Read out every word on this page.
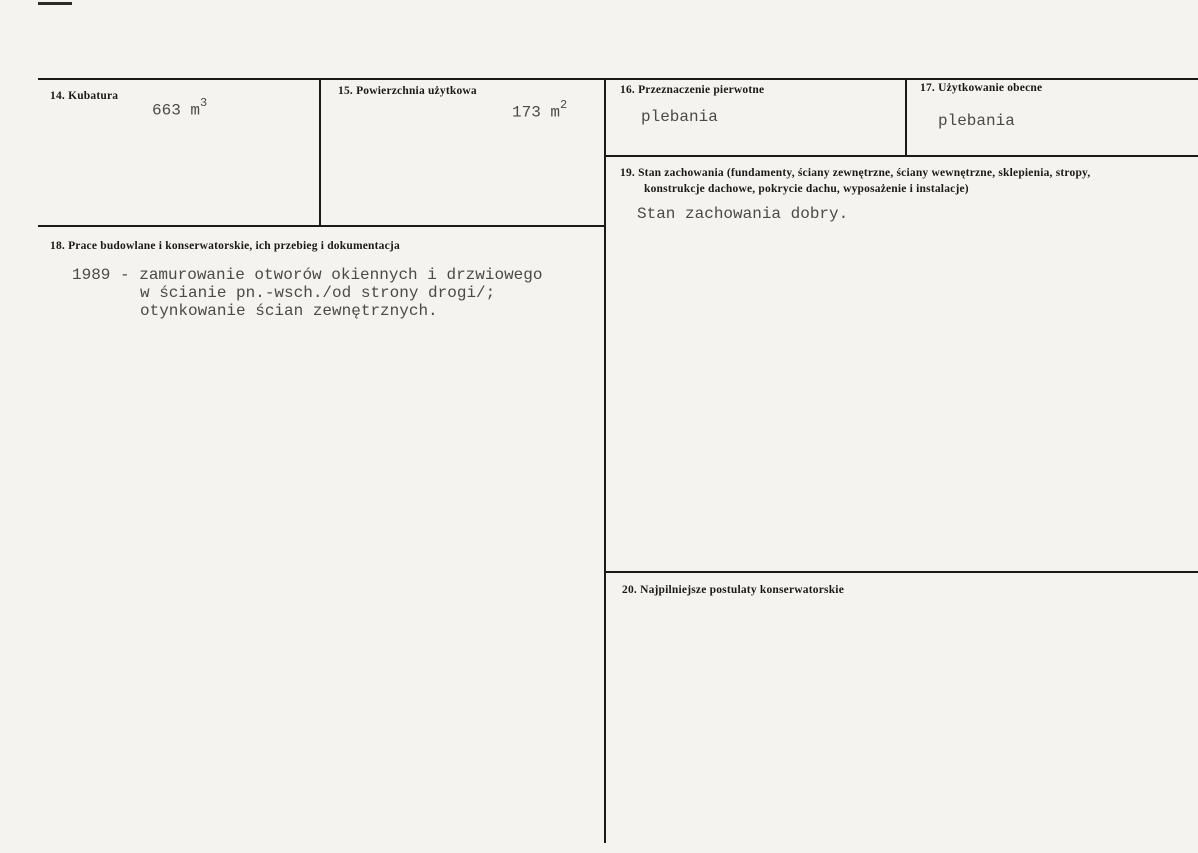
14. Kubatura
663 $m^3$
15. Powierzchnia użytkowa
173 $m^2$
16. Przeznaczenie pierwotne
plebania
17. Użytkowanie obecne
plebania
18. Prace budowlane i konserwatorskie, ich przebieg i dokumentacja
1989 - zamurowanie otworów okiennych i drzwiowego
w ścianie pn.-wsch./od strony drogi/;
otynkowanie ścian zewnętrznych.
19. Stan zachowania (fundamenty, ściany zewnętrzne, ściany wewnętrzne, sklepienia, stropy,
konstrukcje dachowe, pokrycie dachu, wyposażenie i instalacje)
Stan zachowania dobry.
20. Najpilniejsze postulaty konserwatorskie
